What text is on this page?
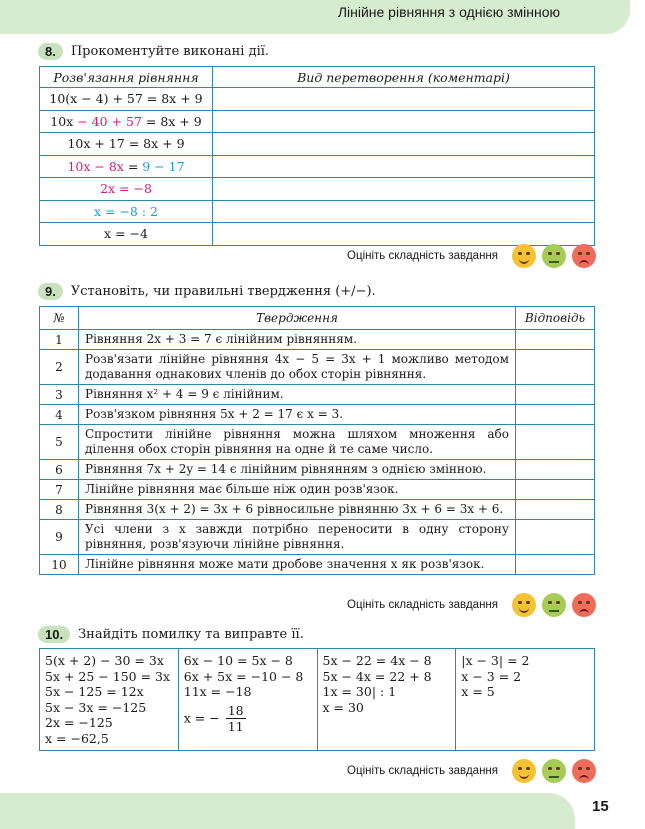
Лінійне рівняння з однією змінною
8.	Прокоментуйте виконані дії.
Розв'язання рівняння	Вид перетворення (коментарі)
10(x − 4) + 57 = 8x + 9	
10x − 40 + 57 = 8x + 9	
10x + 17 = 8x + 9	
10x − 8x = 9 − 17	
2x = −8	
x = −8 : 2	
x = −4	
Оцініть складність завдання
9.	Установіть, чи правильні твердження (+/−).
№	Твердження	Відповідь
1	Рівняння 2x + 3 = 7 є лінійним рівнянням.	
2	Розв'язати лінійне рівняння 4x − 5 = 3x + 1 можливо методом додавання однакових членів до обох сторін рівняння.	
3	Рівняння x² + 4 = 9 є лінійним.	
4	Розв'язком рівняння 5x + 2 = 17 є x = 3.	
5	Спростити лінійне рівняння можна шляхом множення або ділення обох сторін рівняння на одне й те саме число.	
6	Рівняння 7x + 2y = 14 є лінійним рівнянням з однією змінною.	
7	Лінійне рівняння має більше ніж один розв'язок.	
8	Рівняння 3(x + 2) = 3x + 6 рівносильне рівнянню 3x + 6 = 3x + 6.	
9	Усі члени з x завжди потрібно переносити в одну сторону рівняння, розв'язуючи лінійне рівняння.	
10	Лінійне рівняння може мати дробове значення x як розв'язок.	
Оцініть складність завдання
10.	Знайдіть помилку та виправте її.
5(x + 2) − 30 = 3x
5x + 25 − 150 = 3x
5x − 125 = 12x
5x − 3x = −125
2x = −125
x = −62,5

6x − 10 = 5x − 8
6x + 5x = −10 − 8
11x = −18
x = − $\frac{18}{11}$

5x − 22 = 4x − 8
5x − 4x = 22 + 8
1x = 30| : 1
x = 30

|x − 3| = 2
x − 3 = 2
x = 5
Оцініть складність завдання
15
